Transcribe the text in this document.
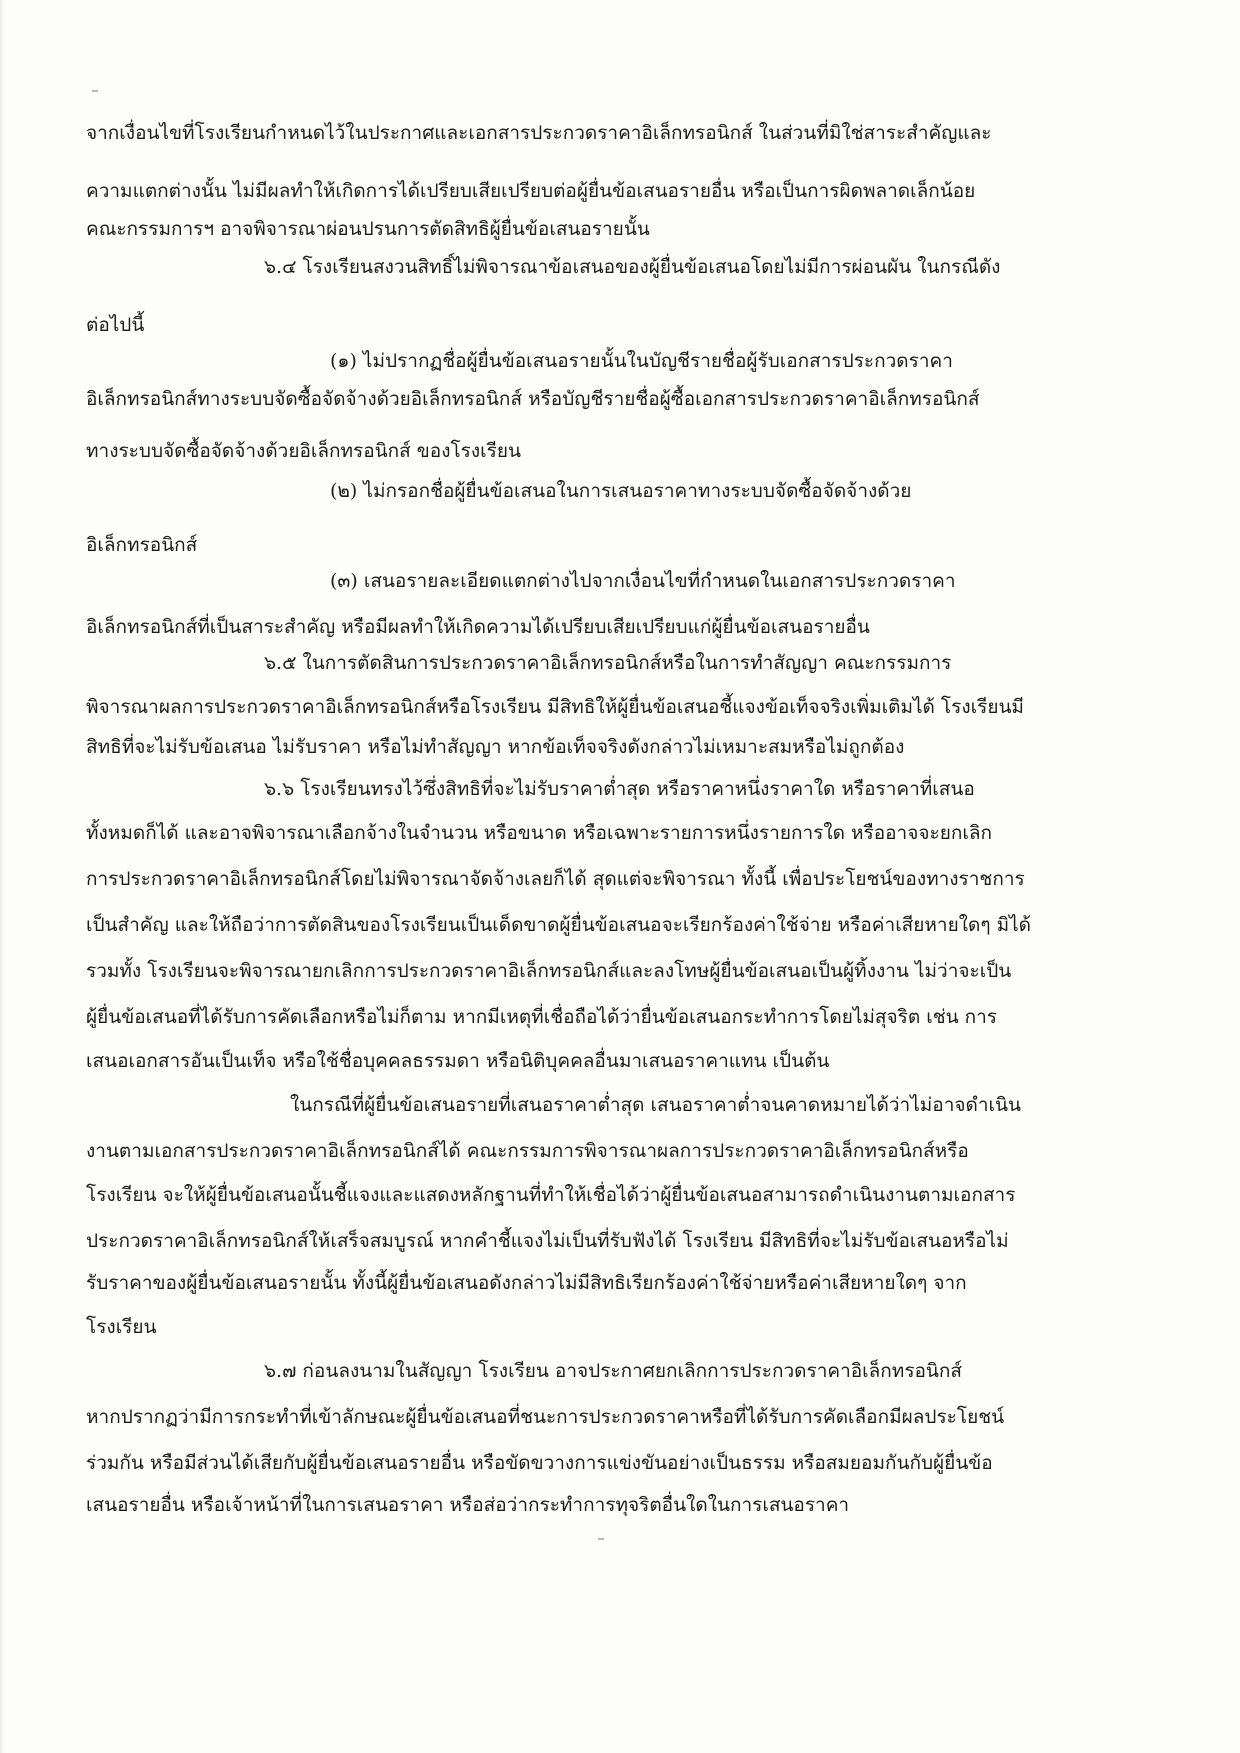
จากเงื่อนไขที่โรงเรียนกำหนดไว้ในประกาศและเอกสารประกวดราคาอิเล็กทรอนิกส์ ในส่วนที่มิใช่สาระสำคัญและ
ความแตกต่างนั้น ไม่มีผลทำให้เกิดการได้เปรียบเสียเปรียบต่อผู้ยื่นข้อเสนอรายอื่น หรือเป็นการผิดพลาดเล็กน้อย
คณะกรรมการฯ อาจพิจารณาผ่อนปรนการตัดสิทธิผู้ยื่นข้อเสนอรายนั้น
๖.๔ โรงเรียนสงวนสิทธิ์ไม่พิจารณาข้อเสนอของผู้ยื่นข้อเสนอโดยไม่มีการผ่อนผัน ในกรณีดัง
ต่อไปนี้
(๑) ไม่ปรากฏชื่อผู้ยื่นข้อเสนอรายนั้นในบัญชีรายชื่อผู้รับเอกสารประกวดราคา
อิเล็กทรอนิกส์ทางระบบจัดซื้อจัดจ้างด้วยอิเล็กทรอนิกส์ หรือบัญชีรายชื่อผู้ซื้อเอกสารประกวดราคาอิเล็กทรอนิกส์
ทางระบบจัดซื้อจัดจ้างด้วยอิเล็กทรอนิกส์ ของโรงเรียน
(๒) ไม่กรอกชื่อผู้ยื่นข้อเสนอในการเสนอราคาทางระบบจัดซื้อจัดจ้างด้วย
อิเล็กทรอนิกส์
(๓) เสนอรายละเอียดแตกต่างไปจากเงื่อนไขที่กำหนดในเอกสารประกวดราคา
อิเล็กทรอนิกส์ที่เป็นสาระสำคัญ หรือมีผลทำให้เกิดความได้เปรียบเสียเปรียบแก่ผู้ยื่นข้อเสนอรายอื่น
๖.๕ ในการตัดสินการประกวดราคาอิเล็กทรอนิกส์หรือในการทำสัญญา คณะกรรมการ
พิจารณาผลการประกวดราคาอิเล็กทรอนิกส์หรือโรงเรียน มีสิทธิให้ผู้ยื่นข้อเสนอชี้แจงข้อเท็จจริงเพิ่มเติมได้ โรงเรียนมี
สิทธิที่จะไม่รับข้อเสนอ ไม่รับราคา หรือไม่ทำสัญญา หากข้อเท็จจริงดังกล่าวไม่เหมาะสมหรือไม่ถูกต้อง
๖.๖ โรงเรียนทรงไว้ซึ่งสิทธิที่จะไม่รับราคาต่ำสุด หรือราคาหนึ่งราคาใด หรือราคาที่เสนอ
ทั้งหมดก็ได้ และอาจพิจารณาเลือกจ้างในจำนวน หรือขนาด หรือเฉพาะรายการหนึ่งรายการใด หรืออาจจะยกเลิก
การประกวดราคาอิเล็กทรอนิกส์โดยไม่พิจารณาจัดจ้างเลยก็ได้ สุดแต่จะพิจารณา ทั้งนี้ เพื่อประโยชน์ของทางราชการ
เป็นสำคัญ และให้ถือว่าการตัดสินของโรงเรียนเป็นเด็ดขาดผู้ยื่นข้อเสนอจะเรียกร้องค่าใช้จ่าย หรือค่าเสียหายใดๆ มิได้
รวมทั้ง โรงเรียนจะพิจารณายกเลิกการประกวดราคาอิเล็กทรอนิกส์และลงโทษผู้ยื่นข้อเสนอเป็นผู้ทิ้งงาน ไม่ว่าจะเป็น
ผู้ยื่นข้อเสนอที่ได้รับการคัดเลือกหรือไม่ก็ตาม หากมีเหตุที่เชื่อถือได้ว่ายื่นข้อเสนอกระทำการโดยไม่สุจริต เช่น การ
เสนอเอกสารอันเป็นเท็จ หรือใช้ชื่อบุคคลธรรมดา หรือนิติบุคคลอื่นมาเสนอราคาแทน เป็นต้น
ในกรณีที่ผู้ยื่นข้อเสนอรายที่เสนอราคาต่ำสุด เสนอราคาต่ำจนคาดหมายได้ว่าไม่อาจดำเนิน
งานตามเอกสารประกวดราคาอิเล็กทรอนิกส์ได้ คณะกรรมการพิจารณาผลการประกวดราคาอิเล็กทรอนิกส์หรือ
โรงเรียน จะให้ผู้ยื่นข้อเสนอนั้นชี้แจงและแสดงหลักฐานที่ทำให้เชื่อได้ว่าผู้ยื่นข้อเสนอสามารถดำเนินงานตามเอกสาร
ประกวดราคาอิเล็กทรอนิกส์ให้เสร็จสมบูรณ์ หากคำชี้แจงไม่เป็นที่รับฟังได้ โรงเรียน มีสิทธิที่จะไม่รับข้อเสนอหรือไม่
รับราคาของผู้ยื่นข้อเสนอรายนั้น ทั้งนี้ผู้ยื่นข้อเสนอดังกล่าวไม่มีสิทธิเรียกร้องค่าใช้จ่ายหรือค่าเสียหายใดๆ จาก
โรงเรียน
๖.๗ ก่อนลงนามในสัญญา โรงเรียน อาจประกาศยกเลิกการประกวดราคาอิเล็กทรอนิกส์
หากปรากฏว่ามีการกระทำที่เข้าลักษณะผู้ยื่นข้อเสนอที่ชนะการประกวดราคาหรือที่ได้รับการคัดเลือกมีผลประโยชน์
ร่วมกัน หรือมีส่วนได้เสียกับผู้ยื่นข้อเสนอรายอื่น หรือขัดขวางการแข่งขันอย่างเป็นธรรม หรือสมยอมกันกับผู้ยื่นข้อ
เสนอรายอื่น หรือเจ้าหน้าที่ในการเสนอราคา หรือส่อว่ากระทำการทุจริตอื่นใดในการเสนอราคา
